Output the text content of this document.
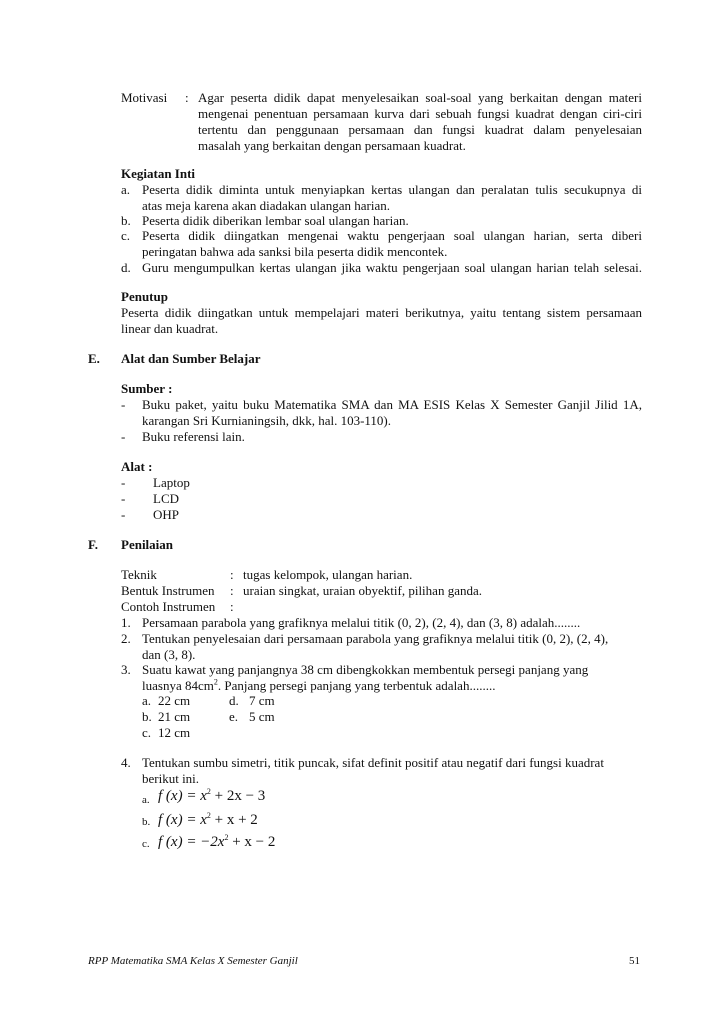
Motivasi : Agar peserta didik dapat menyelesaikan soal-soal yang berkaitan dengan materi
mengenai penentuan persamaan kurva dari sebuah fungsi kuadrat dengan ciri-ciri
tertentu dan penggunaan persamaan dan fungsi kuadrat dalam penyelesaian
masalah yang berkaitan dengan persamaan kuadrat.
Kegiatan Inti
a. Peserta didik diminta untuk menyiapkan kertas ulangan dan peralatan tulis secukupnya di
atas meja karena akan diadakan ulangan harian.
b. Peserta didik diberikan lembar soal ulangan harian.
c. Peserta didik diingatkan mengenai waktu pengerjaan soal ulangan harian, serta diberi
peringatan bahwa ada sanksi bila peserta didik mencontek.
d. Guru mengumpulkan kertas ulangan jika waktu pengerjaan soal ulangan harian telah selesai.
Penutup
Peserta didik diingatkan untuk mempelajari materi berikutnya, yaitu tentang sistem persamaan
linear dan kuadrat.
E. Alat dan Sumber Belajar
Sumber :
- Buku paket, yaitu buku Matematika SMA dan MA ESIS Kelas X Semester Ganjil Jilid 1A,
karangan Sri Kurnianingsih, dkk, hal. 103-110).
- Buku referensi lain.
Alat :
- Laptop
- LCD
- OHP
F. Penilaian
Teknik	: tugas kelompok, ulangan harian.
Bentuk Instrumen : uraian singkat, uraian obyektif, pilihan ganda.
Contoh Instrumen :
1. Persamaan parabola yang grafiknya melalui titik (0, 2), (2, 4), dan (3, 8) adalah........
2. Tentukan penyelesaian dari persamaan parabola yang grafiknya melalui titik (0, 2), (2, 4),
dan (3, 8).
3. Suatu kawat yang panjangnya 38 cm dibengkokkan membentuk persegi panjang yang
luasnya $84cm^2$. Panjang persegi panjang yang terbentuk adalah........
a. 22 cm	d. 7 cm
b. 21 cm	e. 5 cm
c. 12 cm
4. Tentukan sumbu simetri, titik puncak, sifat definit positif atau negatif dari fungsi kuadrat
berikut ini.
a. f $(x) = x^2 + 2x - 3$
b. f $(x) = x^2 + x + 2$
c. f $(x) = -2x^2 + x - 2$
RPP Matematika SMA Kelas X Semester Ganjil	51
